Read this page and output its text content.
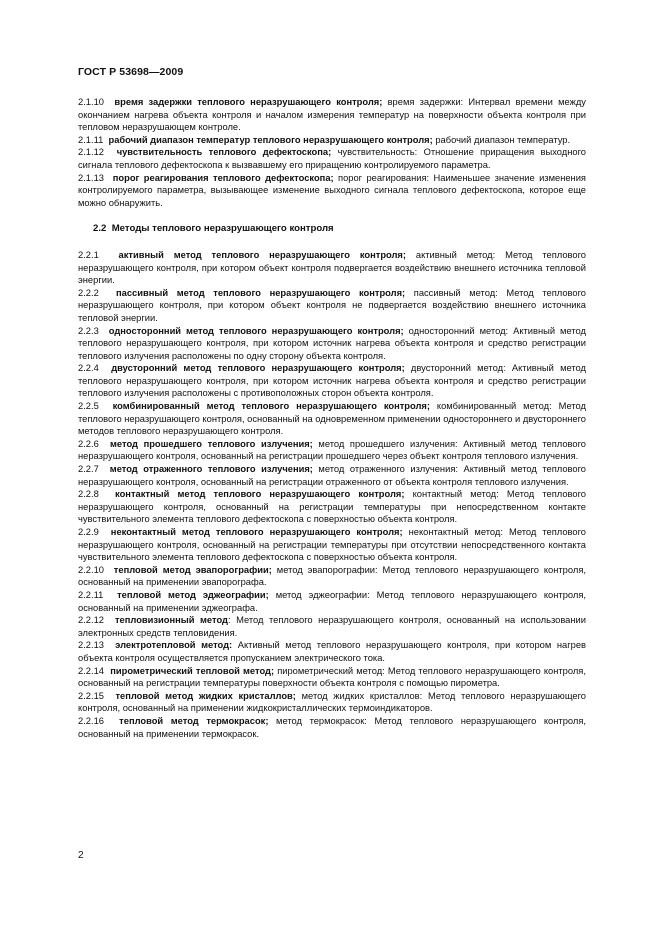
ГОСТ Р 53698—2009

2.1.10 время задержки теплового неразрушающего контроля; время задержки: Интервал времени между окончанием нагрева объекта контроля и началом измерения температур на поверхности объекта контроля при тепловом неразрушающем контроле.

2.1.11 рабочий диапазон температур теплового неразрушающего контроля; рабочий диапазон температур.

2.1.12 чувствительность теплового дефектоскопа; чувствительность: Отношение приращения выходного сигнала теплового дефектоскопа к вызвавшему его приращению контролируемого параметра.

2.1.13 порог реагирования теплового дефектоскопа; порог реагирования: Наименьшее значение изменения контролируемого параметра, вызывающее изменение выходного сигнала теплового дефектоскопа, которое еще можно обнаружить.

2.2 Методы теплового неразрушающего контроля

2.2.1 активный метод теплового неразрушающего контроля; активный метод: Метод теплового неразрушающего контроля, при котором объект контроля подвергается воздействию внешнего источника тепловой энергии.

2.2.2 пассивный метод теплового неразрушающего контроля; пассивный метод: Метод теплового неразрушающего контроля, при котором объект контроля не подвергается воздействию внешнего источника тепловой энергии.

2.2.3 односторонний метод теплового неразрушающего контроля; односторонний метод: Активный метод теплового неразрушающего контроля, при котором источник нагрева объекта контроля и средство регистрации теплового излучения расположены по одну сторону объекта контроля.

2.2.4 двусторонний метод теплового неразрушающего контроля; двусторонний метод: Активный метод теплового неразрушающего контроля, при котором источник нагрева объекта контроля и средство регистрации теплового излучения расположены с противоположных сторон объекта контроля.

2.2.5 комбинированный метод теплового неразрушающего контроля; комбинированный метод: Метод теплового неразрушающего контроля, основанный на одновременном применении одностороннего и двустороннего методов теплового неразрушающего контроля.

2.2.6 метод прошедшего теплового излучения; метод прошедшего излучения: Активный метод теплового неразрушающего контроля, основанный на регистрации прошедшего через объект контроля теплового излучения.

2.2.7 метод отраженного теплового излучения; метод отраженного излучения: Активный метод теплового неразрушающего контроля, основанный на регистрации отраженного от объекта контроля теплового излучения.

2.2.8 контактный метод теплового неразрушающего контроля; контактный метод: Метод теплового неразрушающего контроля, основанный на регистрации температуры при непосредственном контакте чувствительного элемента теплового дефектоскопа с поверхностью объекта контроля.

2.2.9 неконтактный метод теплового неразрушающего контроля; неконтактный метод: Метод теплового неразрушающего контроля, основанный на регистрации температуры при отсутствии непосредственного контакта чувствительного элемента теплового дефектоскопа с поверхностью объекта контроля.

2.2.10 тепловой метод эвапорографии; метод эвапорографии: Метод теплового неразрушающего контроля, основанный на применении эвапорографа.

2.2.11 тепловой метод эджеографии; метод эджеографии: Метод теплового неразрушающего контроля, основанный на применении эджеографа.

2.2.12 тепловизионный метод: Метод теплового неразрушающего контроля, основанный на использовании электронных средств тепловидения.

2.2.13 электротепловой метод: Активный метод теплового неразрушающего контроля, при котором нагрев объекта контроля осуществляется пропусканием электрического тока.

2.2.14 пирометрический тепловой метод; пирометрический метод: Метод теплового неразрушающего контроля, основанный на регистрации температуры поверхности объекта контроля с помощью пирометра.

2.2.15 тепловой метод жидких кристаллов; метод жидких кристаллов: Метод теплового неразрушающего контроля, основанный на применении жидкокристаллических термоиндикаторов.

2.2.16 тепловой метод термокрасок; метод термокрасок: Метод теплового неразрушающего контроля, основанный на применении термокрасок.

2
